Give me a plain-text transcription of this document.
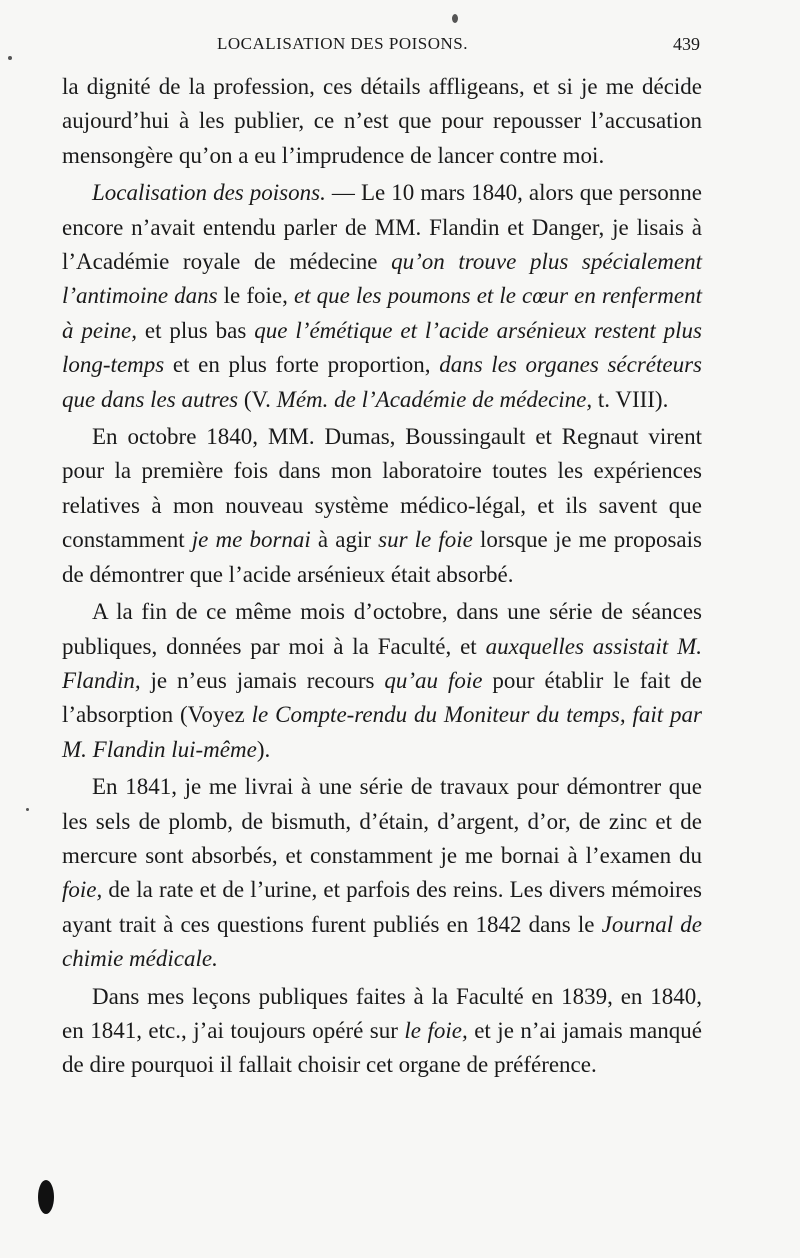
LOCALISATION DES POISONS.	439

la dignité de la profession, ces détails affligeans, et si je me décide aujourd’hui à les publier, ce n’est que pour repousser l’accusation mensongère qu’on a eu l’imprudence de lancer contre moi.

Localisation des poisons. — Le 10 mars 1840, alors que personne encore n’avait entendu parler de MM. Flandin et Danger, je lisais à l’Académie royale de médecine qu’on trouve plus spécialement l’antimoine dans le foie, et que les poumons et le cœur en renferment à peine, et plus bas que l’émétique et l’acide arsénieux restent plus long-temps et en plus forte proportion, dans les organes sécréteurs que dans les autres (V. Mém. de l’Académie de médecine, t. VIII).

En octobre 1840, MM. Dumas, Boussingault et Regnaut virent pour la première fois dans mon laboratoire toutes les expériences relatives à mon nouveau système médico-légal, et ils savent que constamment je me bornai à agir sur le foie lorsque je me proposais de démontrer que l’acide arsénieux était absorbé.

A la fin de ce même mois d’octobre, dans une série de séances publiques, données par moi à la Faculté, et auxquelles assistait M. Flandin, je n’eus jamais recours qu’au foie pour établir le fait de l’absorption (Voyez le Compte-rendu du Moniteur du temps, fait par M. Flandin lui-même).

En 1841, je me livrai à une série de travaux pour démontrer que les sels de plomb, de bismuth, d’étain, d’argent, d’or, de zinc et de mercure sont absorbés, et constamment je me bornai à l’examen du foie, de la rate et de l’urine, et parfois des reins. Les divers mémoires ayant trait à ces questions furent publiés en 1842 dans le Journal de chimie médicale.

Dans mes leçons publiques faites à la Faculté en 1839, en 1840, en 1841, etc., j’ai toujours opéré sur le foie, et je n’ai jamais manqué de dire pourquoi il fallait choisir cet organe de préférence.
